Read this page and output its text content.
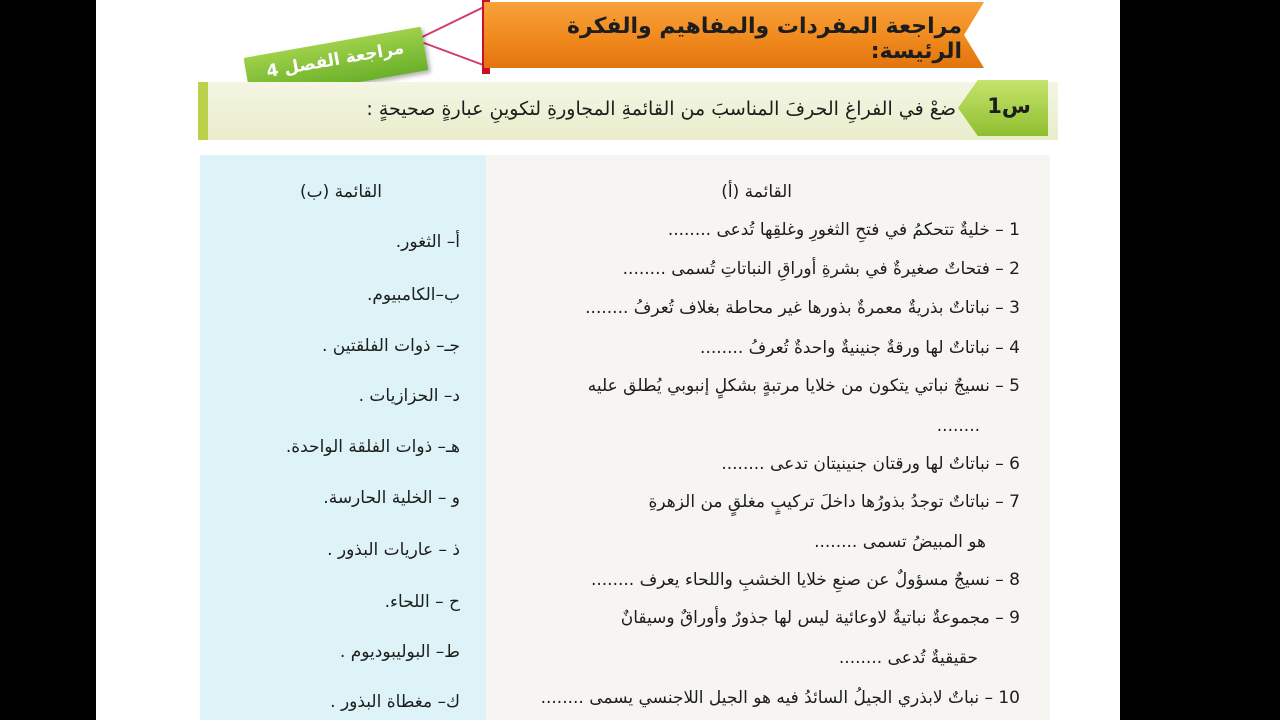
مراجعة المفردات والمفاهيم والفكرة الرئيسة:
مراجعة الفصل 4
س1
ضعْ في الفراغِ الحرفَ المناسبَ من القائمةِ المجاورةِ لتكوينِ عبارةٍ صحيحةٍ :
القائمة (أ)
1 – خليةٌ تتحكمُ في فتحِ الثغورِ وغلقِها تُدعى ........
2 – فتحاتٌ صغيرةٌ في بشرةِ أوراقِ النباتاتِ تُسمى ........
3 – نباتاتٌ بذريةٌ معمرةٌ بذورها غير محاطة بغلاف تُعرفُ ........
4 – نباتاتٌ لها ورقةٌ جنينيةٌ واحدةٌ تُعرفُ ........
5 – نسيجٌ نباتي يتكون من خلايا مرتبةٍ بشكلٍ إنبوبي يُطلق عليه
........
6 – نباتاتٌ لها ورقتان جنينيتان تدعى ........
7 – نباتاتٌ توجدُ بذورُها داخلَ تركيبٍ مغلقٍ من الزهرةِ
هو المبيضُ تسمى ........
8 – نسيجٌ مسؤولٌ عن صنعِ خلايا الخشبِ واللحاء يعرف ........
9 – مجموعةٌ نباتيةٌ لاوعائية ليس لها جذورٌ وأوراقٌ وسيقانٌ
حقيقيةٌ تُدعى ........
10 – نباتٌ لابذري الجيلُ السائدُ فيه هو الجيل اللاجنسي يسمى ........
القائمة (ب)
أ– الثغور.
ب–الكامبيوم.
جـ– ذوات الفلقتين .
د– الحزازيات .
هـ– ذوات الفلقة الواحدة.
و – الخلية الحارسة.
ذ – عاريات البذور .
ح – اللحاء.
ط– البوليبوديوم .
ك– مغطاة البذور .
